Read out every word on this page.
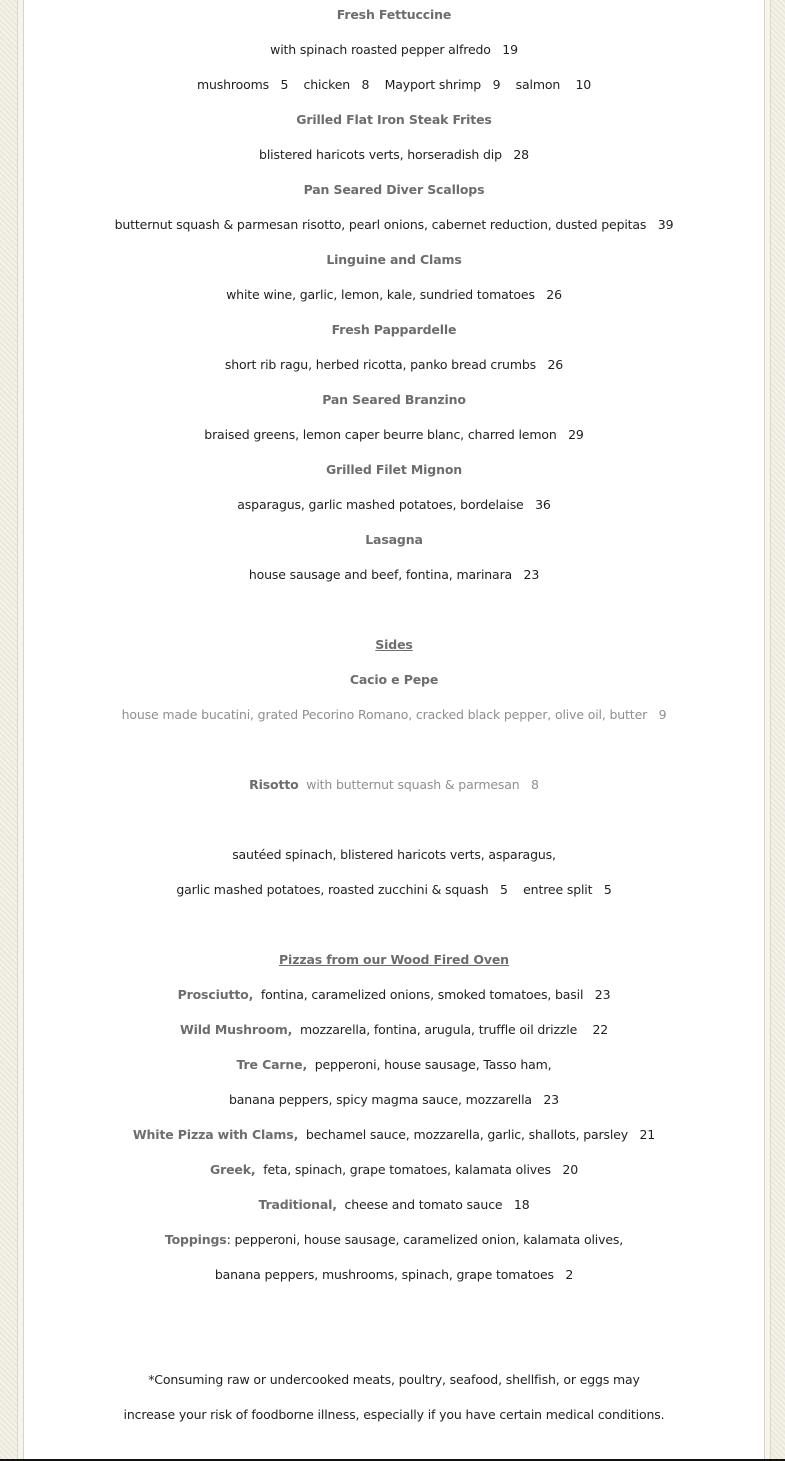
Fresh Fettuccine
with spinach roasted pepper alfredo   19
mushrooms   5    chicken   8    Mayport shrimp   9    salmon    10
Grilled Flat Iron Steak Frites
blistered haricots verts, horseradish dip   28
Pan Seared Diver Scallops
butternut squash & parmesan risotto, pearl onions, cabernet reduction, dusted pepitas   39
Linguine and Clams
white wine, garlic, lemon, kale, sundried tomatoes   26
Fresh Pappardelle
short rib ragu, herbed ricotta, panko bread crumbs   26
Pan Seared Branzino
braised greens, lemon caper beurre blanc, charred lemon   29
Grilled Filet Mignon
asparagus, garlic mashed potatoes, bordelaise   36
Lasagna
house sausage and beef, fontina, marinara   23
Sides
Cacio e Pepe
house made bucatini, grated Pecorino Romano, cracked black pepper, olive oil, butter   9
Risotto with butternut squash & parmesan   8
sautéed spinach, blistered haricots verts, asparagus,
garlic mashed potatoes, roasted zucchini & squash   5    entree split   5
Pizzas from our Wood Fired Oven
Prosciutto, fontina, caramelized onions, smoked tomatoes, basil   23
Wild Mushroom, mozzarella, fontina, arugula, truffle oil drizzle    22
Tre Carne, pepperoni, house sausage, Tasso ham,
banana peppers, spicy magma sauce, mozzarella   23
White Pizza with Clams, bechamel sauce, mozzarella, garlic, shallots, parsley   21
Greek, feta, spinach, grape tomatoes, kalamata olives   20
Traditional, cheese and tomato sauce   18
Toppings: pepperoni, house sausage, caramelized onion, kalamata olives,
banana peppers, mushrooms, spinach, grape tomatoes   2
*Consuming raw or undercooked meats, poultry, seafood, shellfish, or eggs may
increase your risk of foodborne illness, especially if you have certain medical conditions.
